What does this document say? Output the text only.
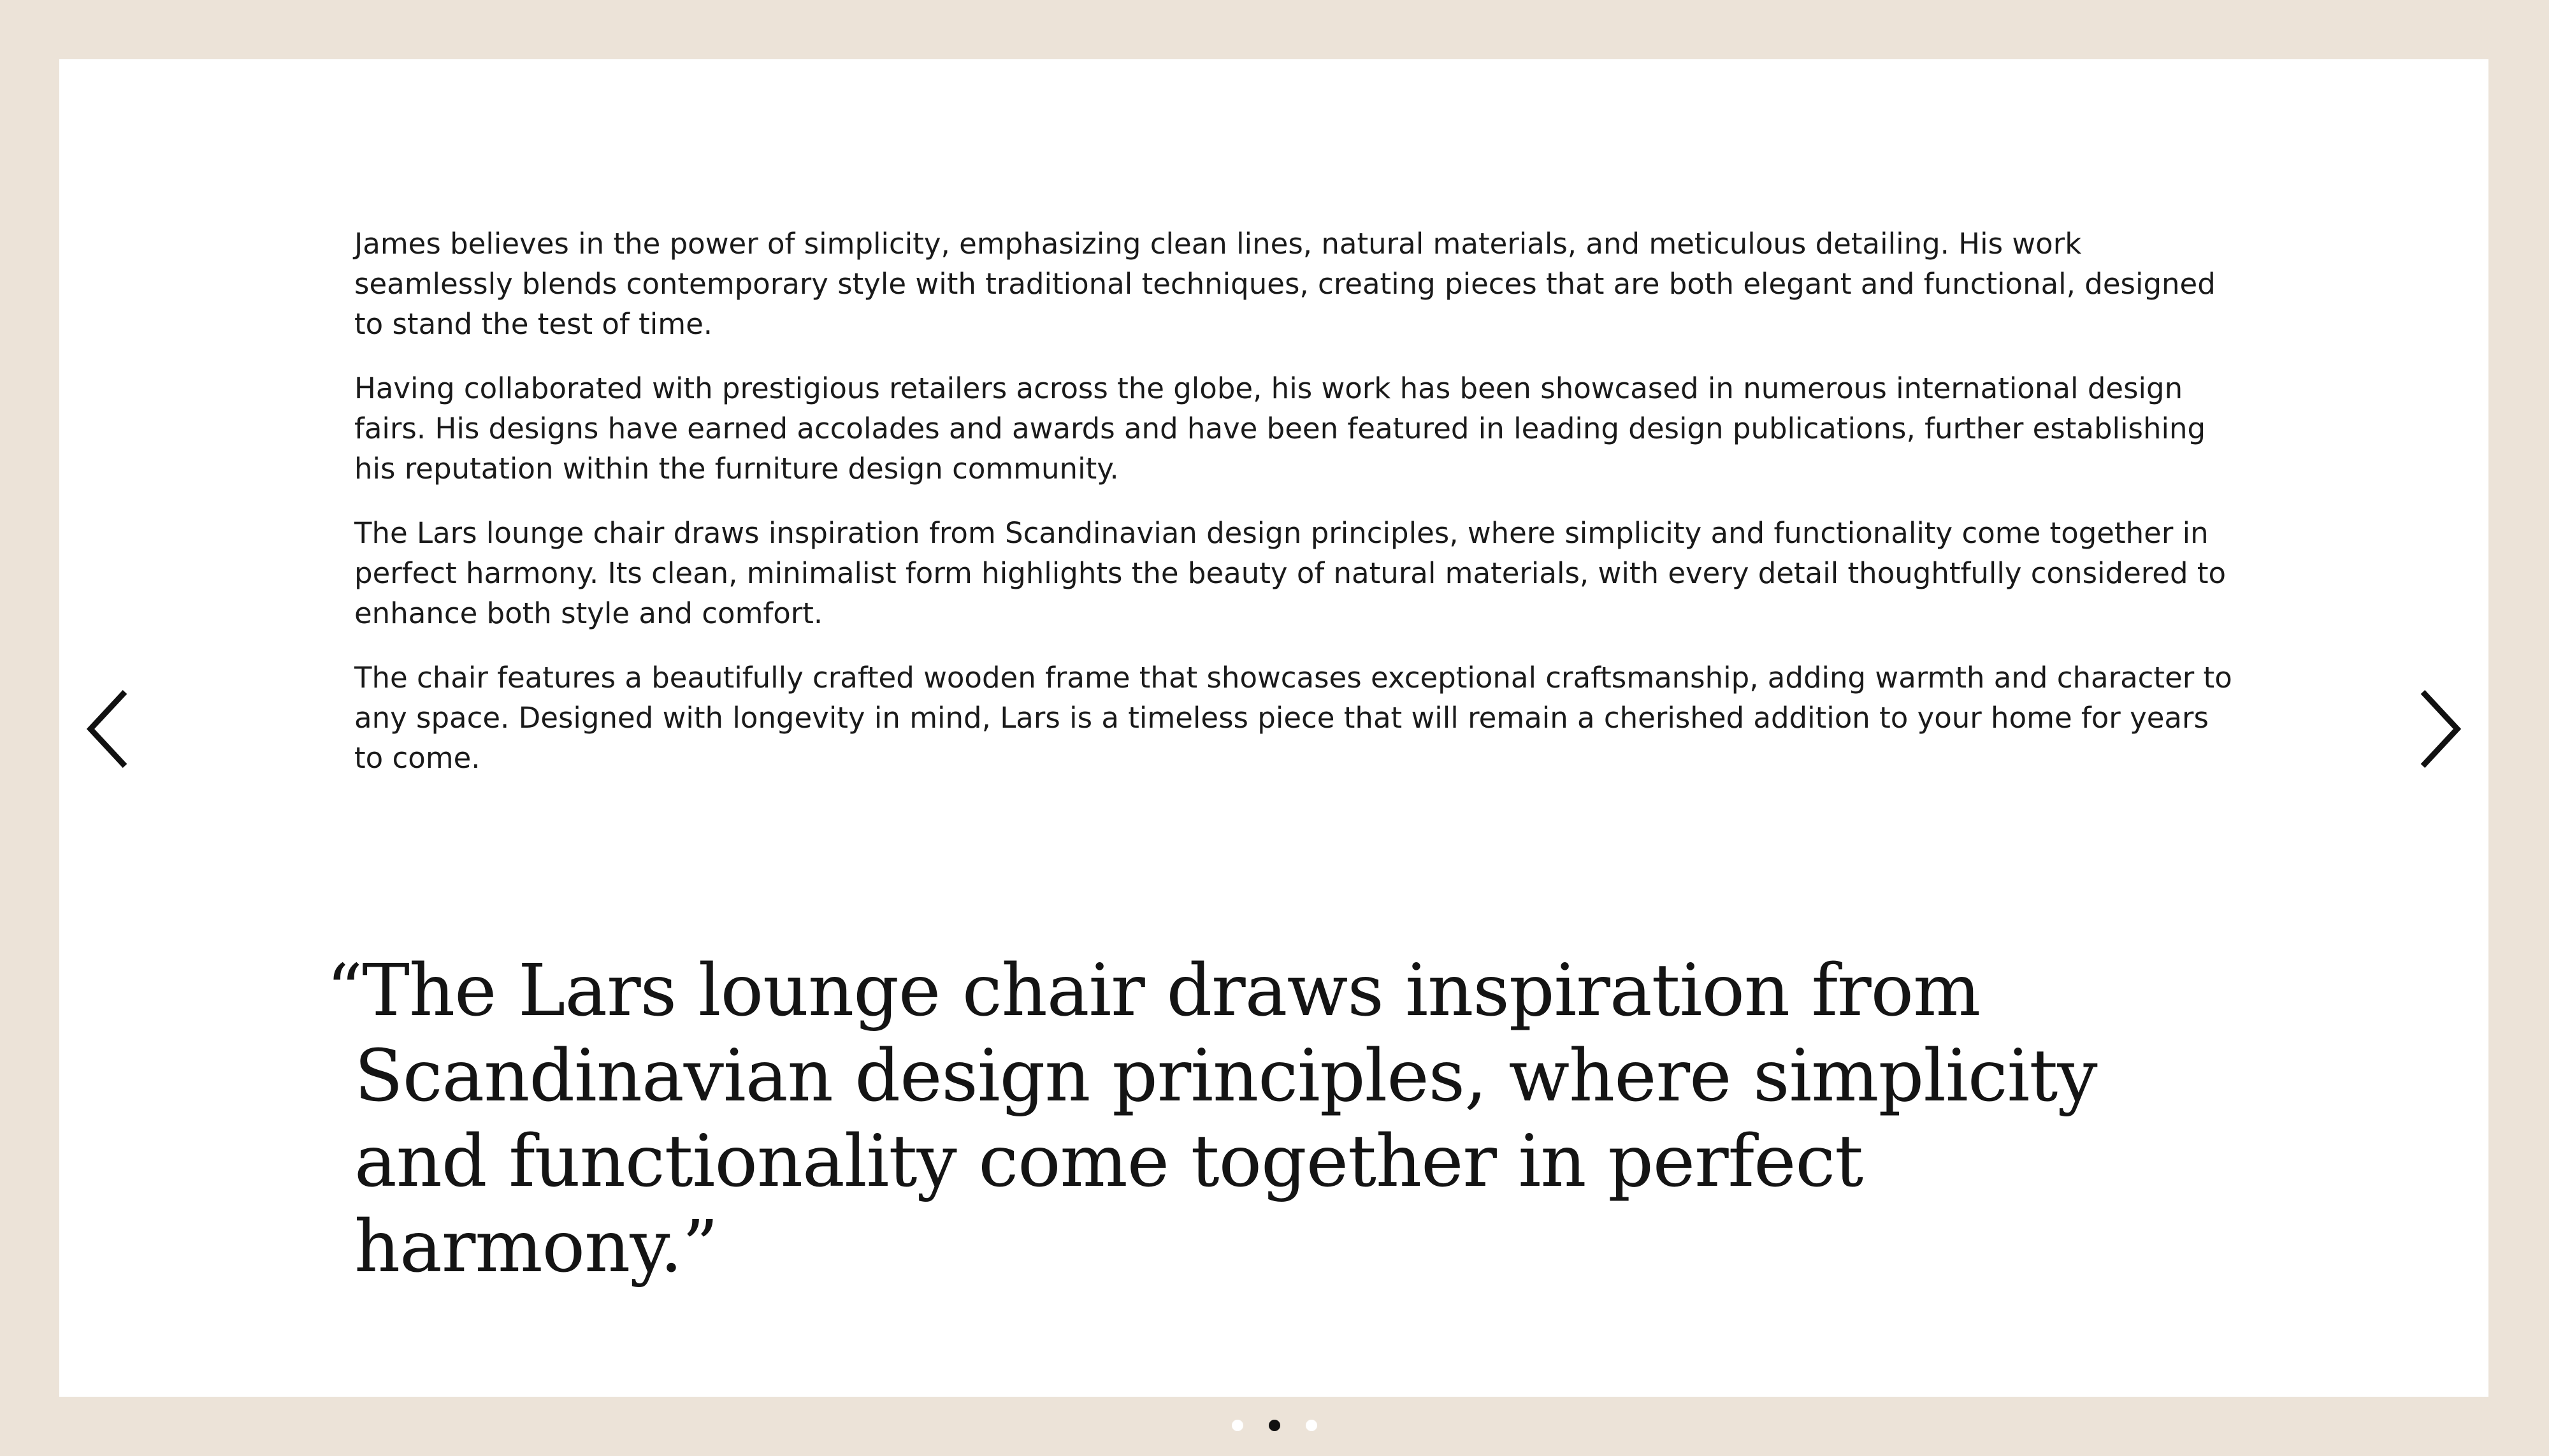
James believes in the power of simplicity, emphasizing clean lines, natural materials, and meticulous detailing. His work seamlessly blends contemporary style with traditional techniques, creating pieces that are both elegant and functional, designed to stand the test of time.

Having collaborated with prestigious retailers across the globe, his work has been showcased in numerous international design fairs. His designs have earned accolades and awards and have been featured in leading design publications, further establishing his reputation within the furniture design community.

The Lars lounge chair draws inspiration from Scandinavian design principles, where simplicity and functionality come together in perfect harmony. Its clean, minimalist form highlights the beauty of natural materials, with every detail thoughtfully considered to enhance both style and comfort.

The chair features a beautifully crafted wooden frame that showcases exceptional craftsmanship, adding warmth and character to any space. Designed with longevity in mind, Lars is a timeless piece that will remain a cherished addition to your home for years to come.

“The Lars lounge chair draws inspiration from Scandinavian design principles, where simplicity and functionality come together in perfect harmony.”
